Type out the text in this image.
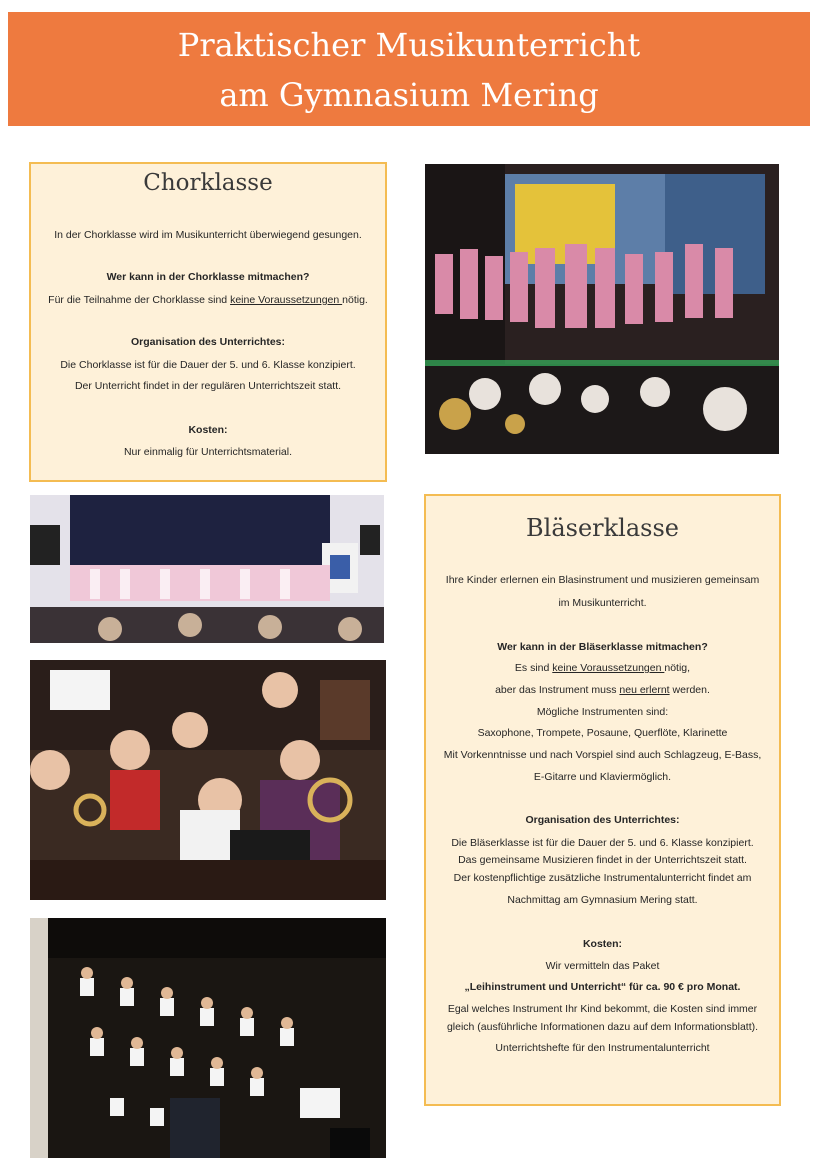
Praktischer Musikunterricht
am Gymnasium Mering
Chorklasse
In der Chorklasse wird im Musikunterricht überwiegend gesungen.
Wer kann in der Chorklasse mitmachen?
Für die Teilnahme der Chorklasse sind keine Voraussetzungen nötig.
Organisation des Unterrichtes:
Die Chorklasse ist für die Dauer der 5. und 6. Klasse konzipiert.
Der Unterricht findet in der regulären Unterrichtszeit statt.
Kosten:
Nur einmalig für Unterrichtsmaterial.
Bläserklasse
Ihre Kinder erlernen ein Blasinstrument und musizieren gemeinsam
im Musikunterricht.
Wer kann in der Bläserklasse mitmachen?
Es sind keine Voraussetzungen nötig,
aber das Instrument muss neu erlernt werden.
Mögliche Instrumenten sind:
Saxophone, Trompete, Posaune, Querflöte, Klarinette
Mit Vorkenntnisse und nach Vorspiel sind auch Schlagzeug, E-Bass,
E-Gitarre und Klaviermöglich.
Organisation des Unterrichtes:
Die Bläserklasse ist für die Dauer der 5. und 6. Klasse konzipiert.
Das gemeinsame Musizieren findet in der Unterrichtszeit statt.
Der kostenpflichtige zusätzliche Instrumentalunterricht findet am
Nachmittag am Gymnasium Mering statt.
Kosten:
Wir vermitteln das Paket
„Leihinstrument und Unterricht“ für ca. 90 € pro Monat.
Egal welches Instrument Ihr Kind bekommt, die Kosten sind immer
gleich (ausführliche Informationen dazu auf dem Informationsblatt).
Unterrichtshefte für den Instrumentalunterricht
